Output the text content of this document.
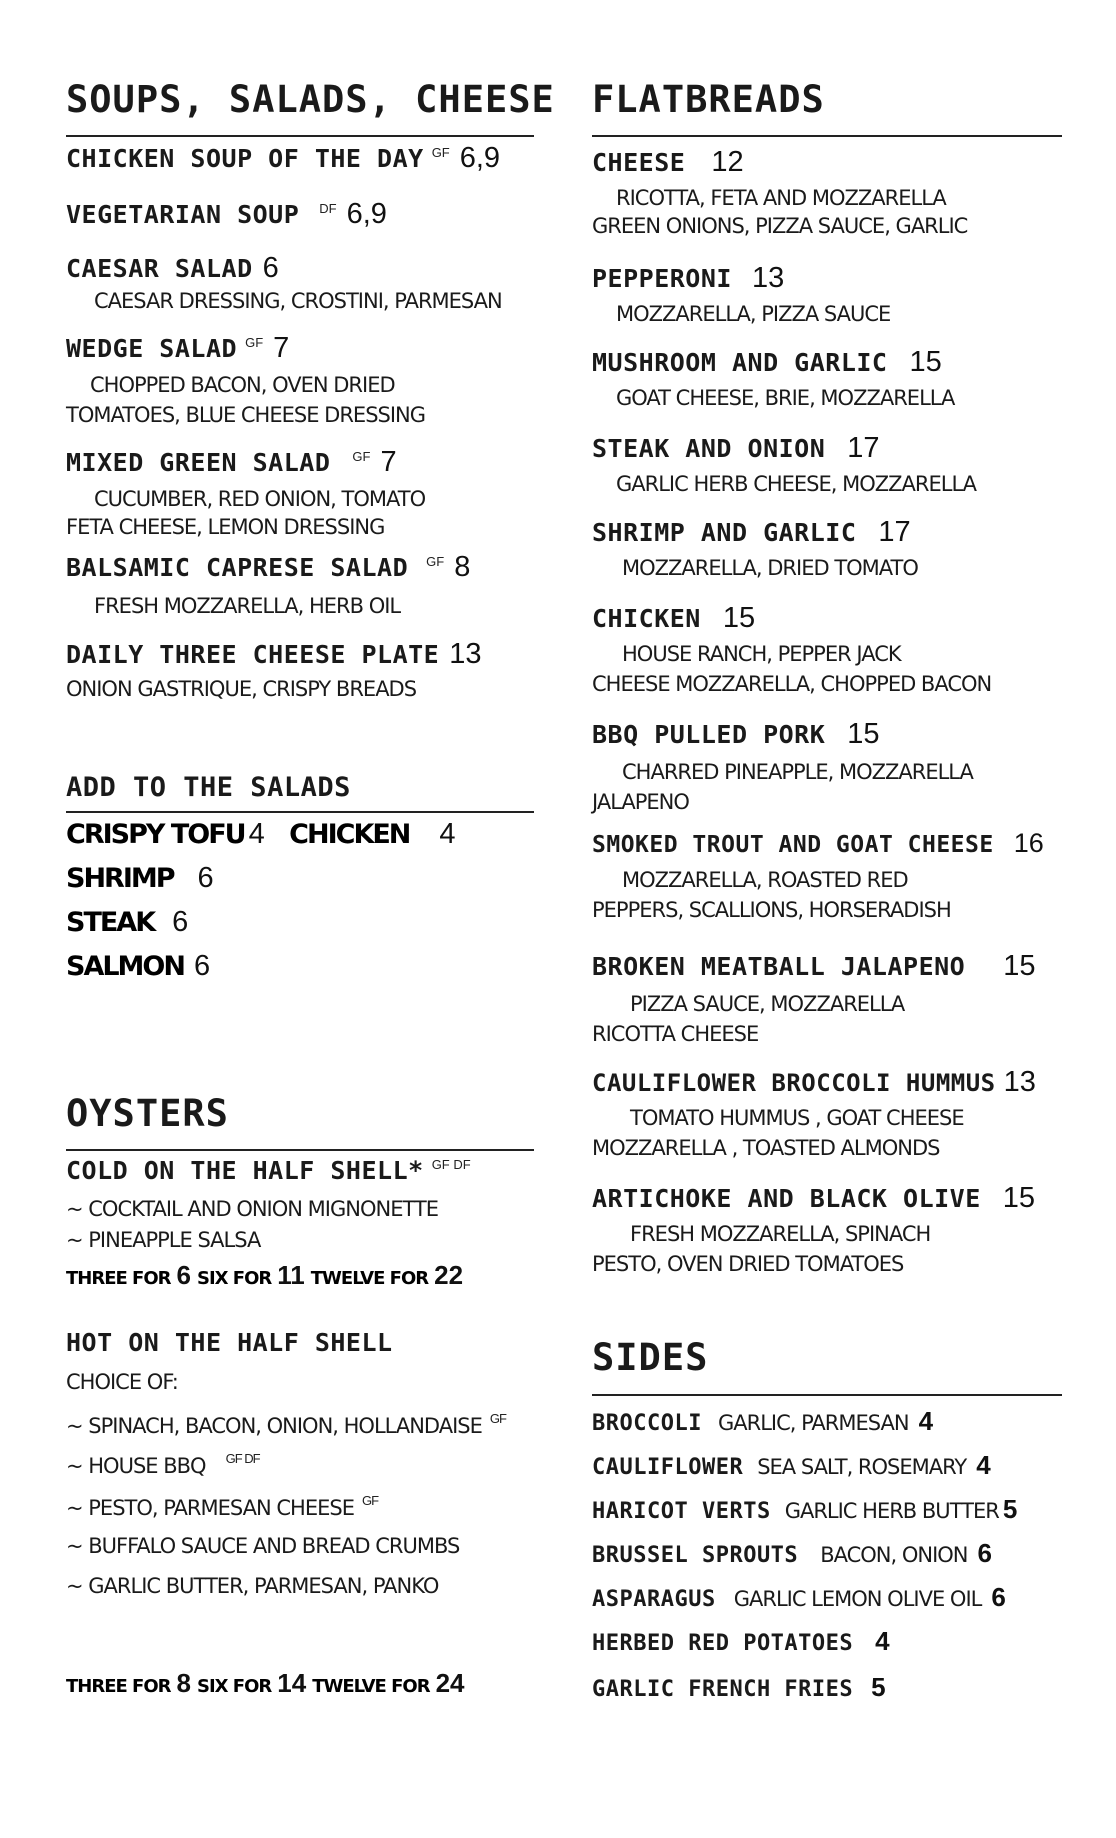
SOUPS, SALADS, CHEESE
CHICKEN SOUP OF THE DAY $^{GF}$ 6,9
VEGETARIAN SOUP $^{DF}$ 6,9
CAESAR SALAD 6
CAESAR DRESSING, CROSTINI, PARMESAN
WEDGE SALAD $^{GF}$ 7
CHOPPED BACON, OVEN DRIED
TOMATOES, BLUE CHEESE DRESSING
MIXED GREEN SALAD $^{GF}$ 7
CUCUMBER, RED ONION, TOMATO
FETA CHEESE, LEMON DRESSING
BALSAMIC CAPRESE SALAD $^{GF}$ 8
FRESH MOZZARELLA, HERB OIL
DAILY THREE CHEESE PLATE 13
ONION GASTRIQUE, CRISPY BREADS
ADD TO THE SALADS
CRISPY TOFU 4 CHICKEN 4
SHRIMP 6
STEAK 6
SALMON 6
OYSTERS
COLD ON THE HALF SHELL* $^{GF DF}$
~ COCKTAIL AND ONION MIGNONETTE
~ PINEAPPLE SALSA
THREE FOR 6 SIX FOR 11 TWELVE FOR 22
HOT ON THE HALF SHELL
CHOICE OF:
~ SPINACH, BACON, ONION, HOLLANDAISE $^{GF}$
~ HOUSE BBQ $^{GF DF}$
~ PESTO, PARMESAN CHEESE $^{GF}$
~ BUFFALO SAUCE AND BREAD CRUMBS
~ GARLIC BUTTER, PARMESAN, PANKO
THREE FOR 8 SIX FOR 14 TWELVE FOR 24
FLATBREADS
CHEESE 12
RICOTTA, FETA AND MOZZARELLA
GREEN ONIONS, PIZZA SAUCE, GARLIC
PEPPERONI 13
MOZZARELLA, PIZZA SAUCE
MUSHROOM AND GARLIC 15
GOAT CHEESE, BRIE, MOZZARELLA
STEAK AND ONION 17
GARLIC HERB CHEESE, MOZZARELLA
SHRIMP AND GARLIC 17
MOZZARELLA, DRIED TOMATO
CHICKEN 15
HOUSE RANCH, PEPPER JACK
CHEESE MOZZARELLA, CHOPPED BACON
BBQ PULLED PORK 15
CHARRED PINEAPPLE, MOZZARELLA
JALAPENO
SMOKED TROUT AND GOAT CHEESE 16
MOZZARELLA, ROASTED RED
PEPPERS, SCALLIONS, HORSERADISH
BROKEN MEATBALL JALAPENO 15
PIZZA SAUCE, MOZZARELLA
RICOTTA CHEESE
CAULIFLOWER BROCCOLI HUMMUS 13
TOMATO HUMMUS , GOAT CHEESE
MOZZARELLA , TOASTED ALMONDS
ARTICHOKE AND BLACK OLIVE 15
FRESH MOZZARELLA, SPINACH
PESTO, OVEN DRIED TOMATOES
SIDES
BROCCOLI GARLIC, PARMESAN 4
CAULIFLOWER SEA SALT, ROSEMARY 4
HARICOT VERTS GARLIC HERB BUTTER 5
BRUSSEL SPROUTS BACON, ONION 6
ASPARAGUS GARLIC LEMON OLIVE OIL 6
HERBED RED POTATOES 4
GARLIC FRENCH FRIES 5
